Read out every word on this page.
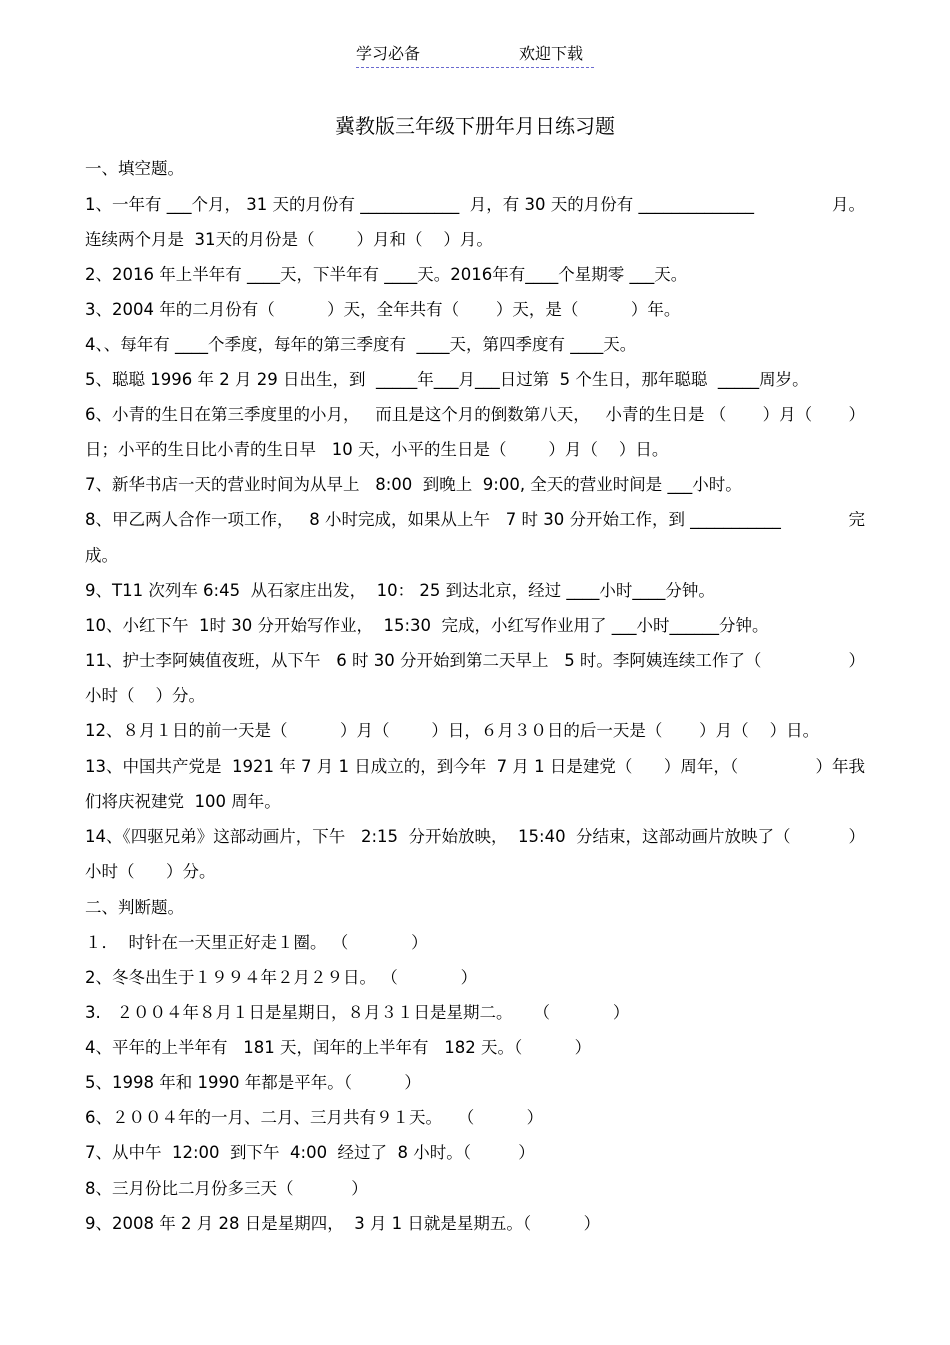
学习必备	欢迎下载
冀教版三年级下册年月日练习题
一、填空题。
1、一年有 ___个月， 31 天的月份有 ____________  月，有 30 天的月份有 ______________	月。
连续两个月是  31天的月份是（        ）月和（    ）月。
2、2016 年上半年有 ____天，下半年有 ____天。2016年有____个星期零 ___天。
3、2004 年的二月份有（          ）天，全年共有（       ）天，是（          ）年。
4、、每年有 ____个季度，每年的第三季度有  ____天，第四季度有 ____天。
5、聪聪 1996 年 2 月 29 日出生，到  _____年___月___日过第  5 个生日，那年聪聪  _____周岁。
6、小青的生日在第三季度里的小月，   而且是这个月的倒数第八天，   小青的生日是 （ ）月（ ）
日；小平的生日比小青的生日早   10 天，小平的生日是（        ）月（    ）日。
7、新华书店一天的营业时间为从早上   8:00  到晚上  9:00, 全天的营业时间是 ___小时。
8、甲乙两人合作一项工作，   8 小时完成，如果从上午   7 时 30 分开始工作，到 ___________	完
成。
9、T11 次列车 6:45  从石家庄出发，  10： 25 到达北京，经过 ____小时____分钟。
10、小红下午  1时 30 分开始写作业，  15:30  完成，小红写作业用了 ___小时______分钟。
11、护士李阿姨值夜班，从下午   6 时 30 分开始到第二天早上   5 时。李阿姨连续工作了（	）
小时（    ）分。
12、８月１日的前一天是（          ）月（        ）日，６月３０日的后一天是（       ）月（    ）日。
13、中国共产党是  1921 年 7 月 1 日成立的，到今年  7 月 1 日是建党（      ）周年，（	）年我
们将庆祝建党  100 周年。
14、《四驱兄弟》这部动画片，下午   2:15  分开始放映，  15:40  分结束，这部动画片放映了（	）
小时（      ）分。
二、判断题。
１．  时针在一天里正好走１圈。 （            ）
2、冬冬出生于１９９４年２月２９日。 （            ）
3.   ２００４年８月１日是星期日，８月３１日是星期二。    （            ）
4、平年的上半年有   181 天，闰年的上半年有   182 天。（          ）
5、1998 年和 1990 年都是平年。（          ）
6、２００４年的一月、二月、三月共有９１天。   （          ）
7、从中午  12:00  到下午  4:00  经过了  8 小时。（         ）
8、三月份比二月份多三天（           ）
9、2008 年 2 月 28 日是星期四，  3 月 1 日就是星期五。（          ）
